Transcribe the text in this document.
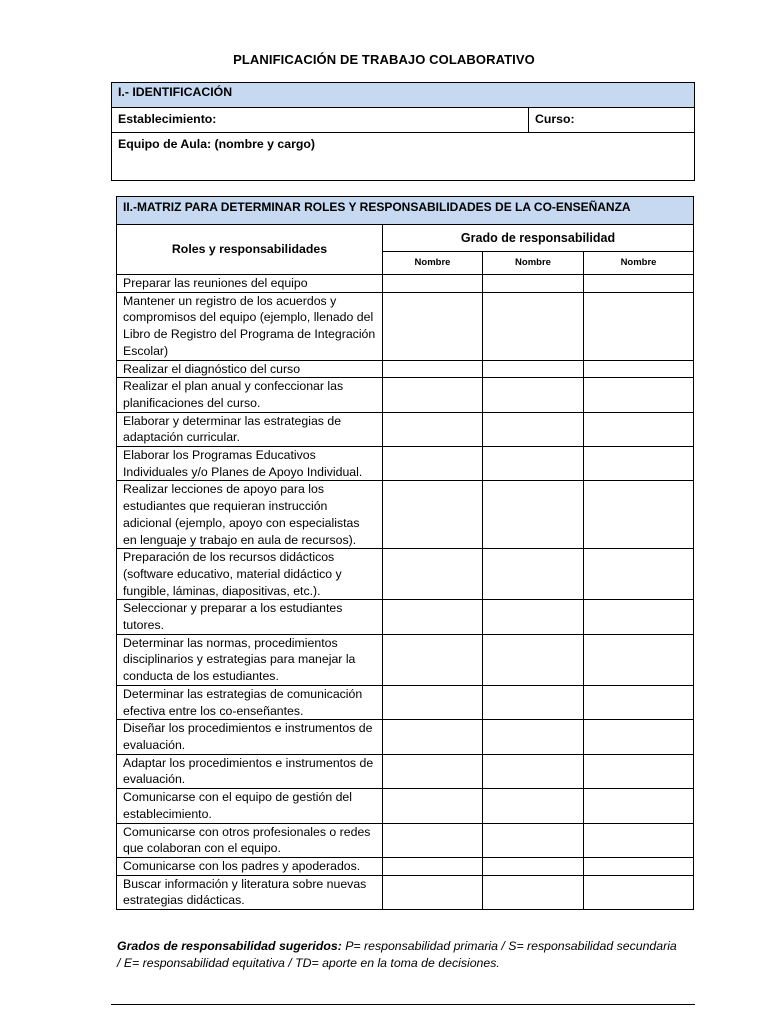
PLANIFICACIÓN DE TRABAJO COLABORATIVO
I.- IDENTIFICACIÓN
Establecimiento:	Curso:
Equipo de Aula: (nombre y cargo)
II.-MATRIZ PARA DETERMINAR ROLES Y RESPONSABILIDADES DE LA CO-ENSEÑANZA			
Roles y responsabilidades	Grado de responsabilidad		
	Nombre	Nombre	Nombre
Preparar las reuniones del equipo			
Mantener un registro de los acuerdos y compromisos del equipo (ejemplo, llenado del Libro de Registro del Programa de Integración Escolar)			
Realizar el diagnóstico del curso			
Realizar el plan anual y confeccionar las planificaciones del curso.			
Elaborar y determinar las estrategias de adaptación curricular.			
Elaborar los Programas Educativos Individuales y/o Planes de Apoyo Individual.			
Realizar lecciones de apoyo para los estudiantes que requieran instrucción adicional (ejemplo, apoyo con especialistas en lenguaje y trabajo en aula de recursos).			
Preparación de los recursos didácticos (software educativo, material didáctico y fungible, láminas, diapositivas, etc.).			
Seleccionar y preparar a los estudiantes tutores.			
Determinar las normas, procedimientos disciplinarios y estrategias para manejar la conducta de los estudiantes.			
Determinar las estrategias de comunicación efectiva entre los co-enseñantes.			
Diseñar los procedimientos e instrumentos de evaluación.			
Adaptar los procedimientos e instrumentos de evaluación.			
Comunicarse con el equipo de gestión del establecimiento.			
Comunicarse con otros profesionales o redes que colaboran con el equipo.			
Comunicarse con los padres y apoderados.			
Buscar información y literatura sobre nuevas estrategias didácticas.			
Grados de responsabilidad sugeridos: P= responsabilidad primaria / S= responsabilidad secundaria / E= responsabilidad equitativa / TD= aporte en la toma de decisiones.
